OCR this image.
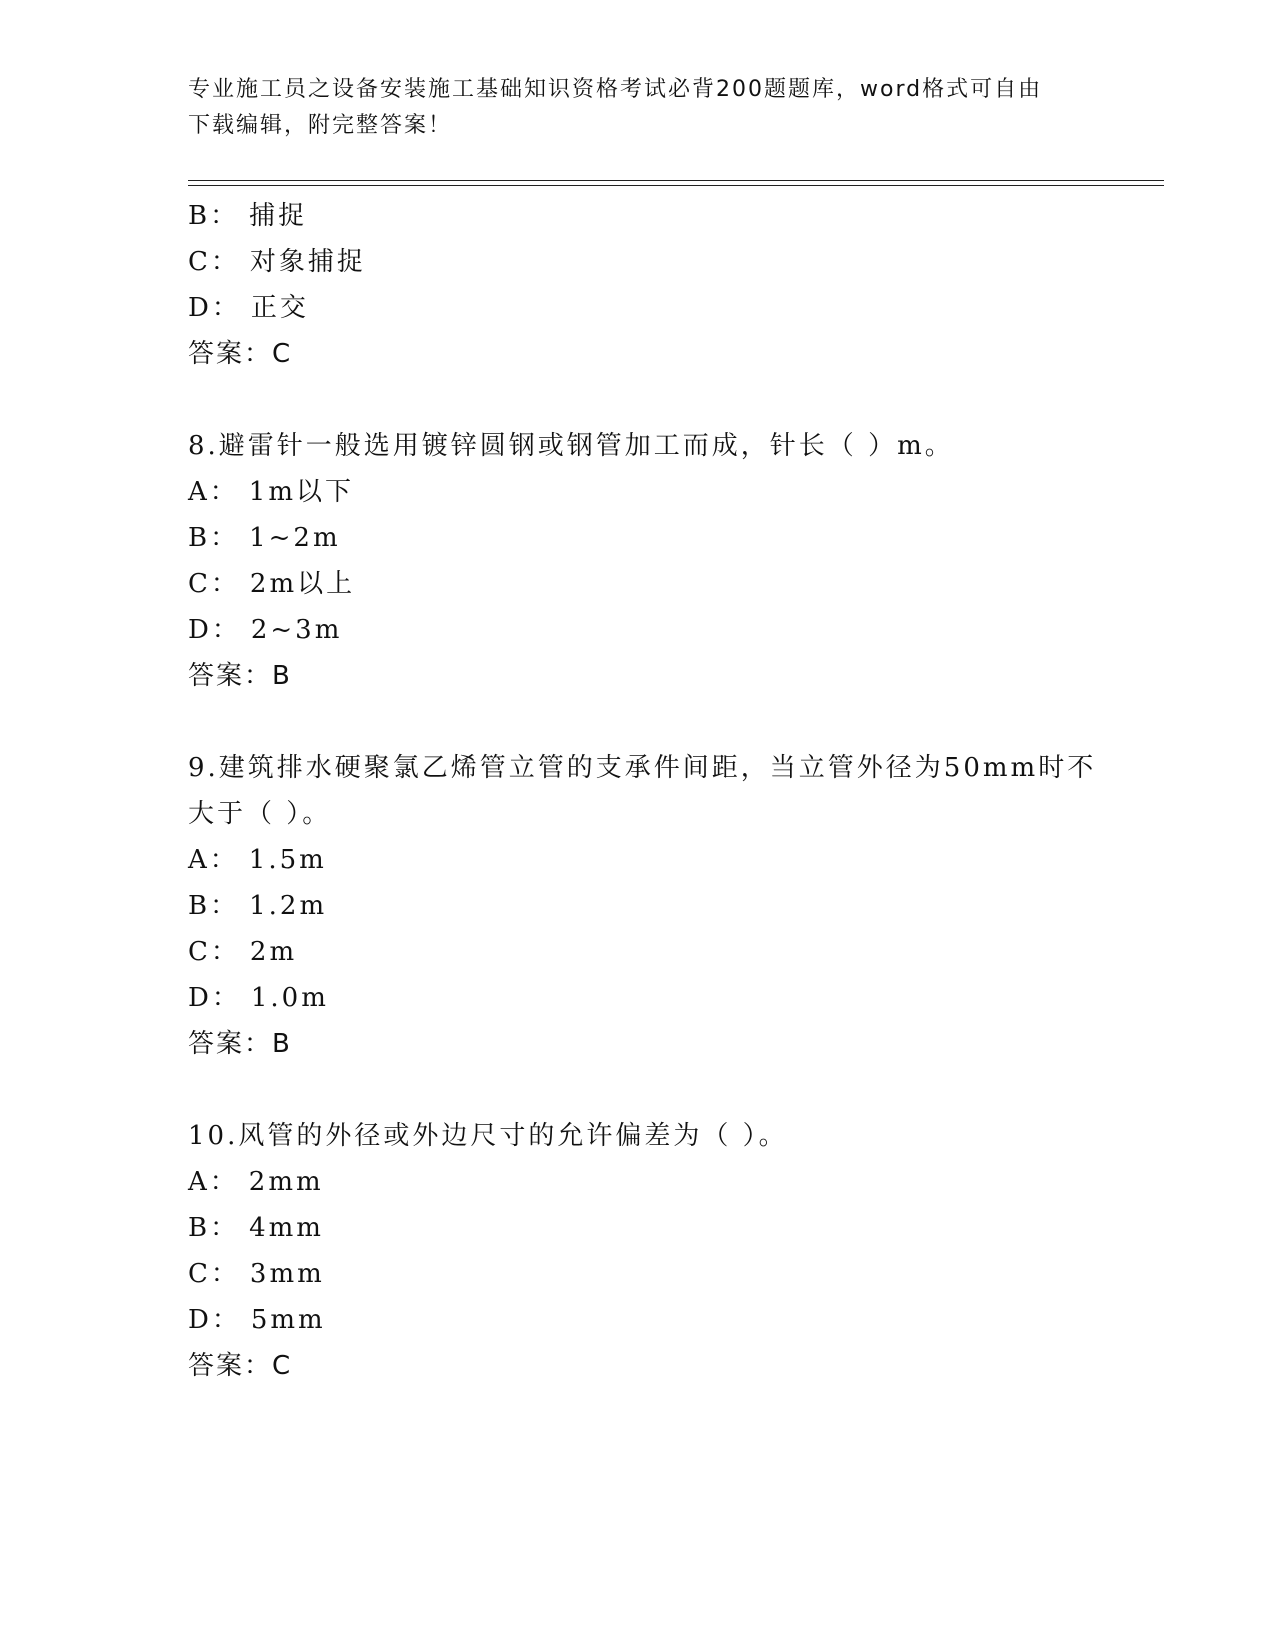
专业施工员之设备安装施工基础知识资格考试必背200题题库，word格式可自由
下载编辑，附完整答案！
B： 捕捉
C： 对象捕捉
D： 正交
答案：C
8.避雷针一般选用镀锌圆钢或钢管加工而成，针长（ ）m。
A： 1m以下
B： 1~2m
C： 2m以上
D： 2~3m
答案：B
9.建筑排水硬聚氯乙烯管立管的支承件间距，当立管外径为50mm时不
大于（ ）。
A： 1.5m
B： 1.2m
C： 2m
D： 1.0m
答案：B
10.风管的外径或外边尺寸的允许偏差为（ ）。
A： 2mm
B： 4mm
C： 3mm
D： 5mm
答案：C
